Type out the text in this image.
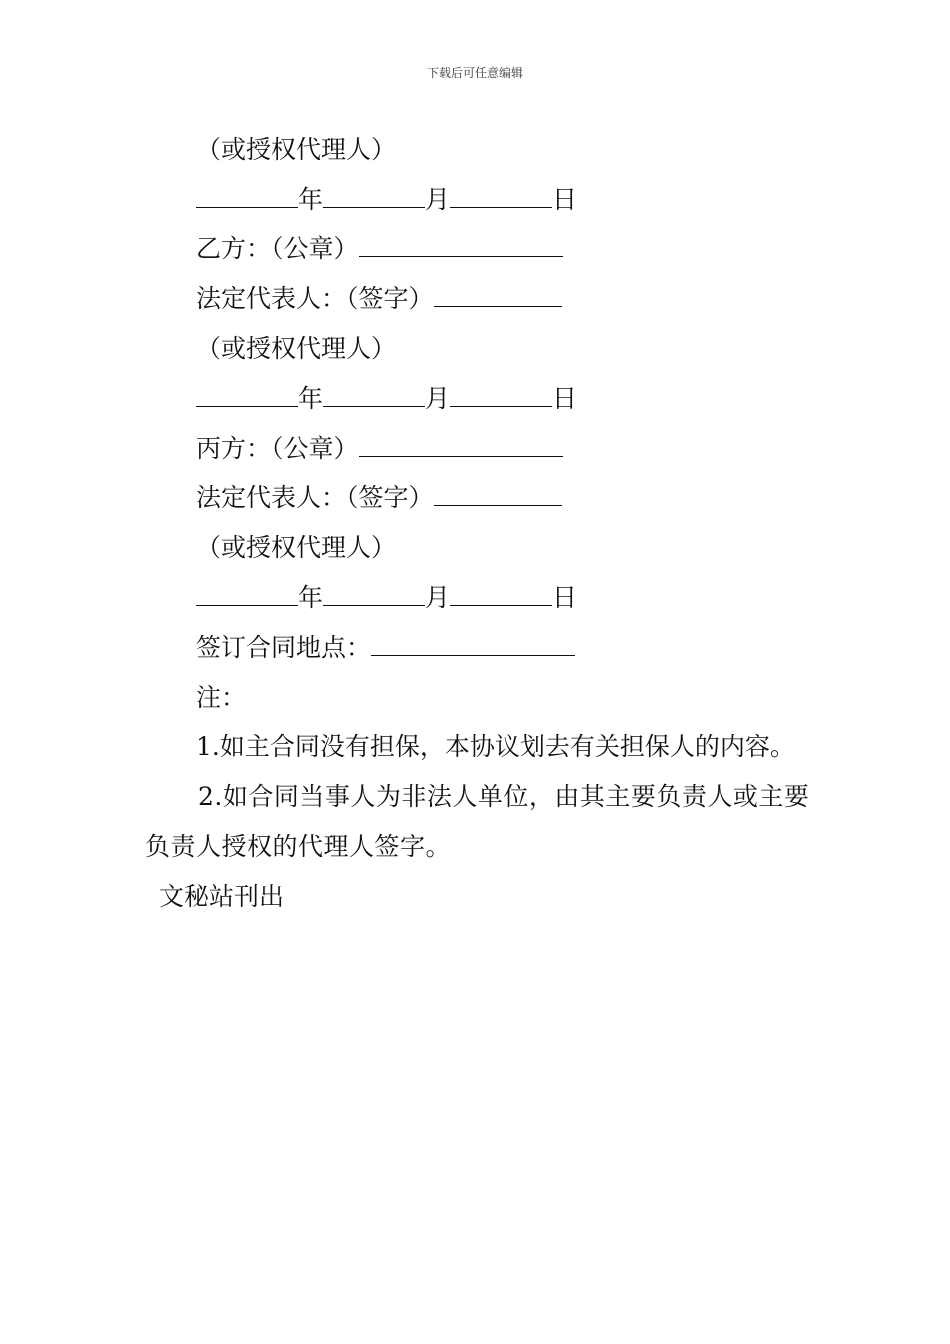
下载后可任意编辑
（或授权代理人）
年	月	日
乙方：（公章）
法定代表人：（签字）
（或授权代理人）
年	月	日
丙方：（公章）
法定代表人：（签字）
（或授权代理人）
年	月	日
签订合同地点：
注：
1.如主合同没有担保，本协议划去有关担保人的内容。
2.如合同当事人为非法人单位，由其主要负责人或主要负责人授权的代理人签字。
文秘站刊出
